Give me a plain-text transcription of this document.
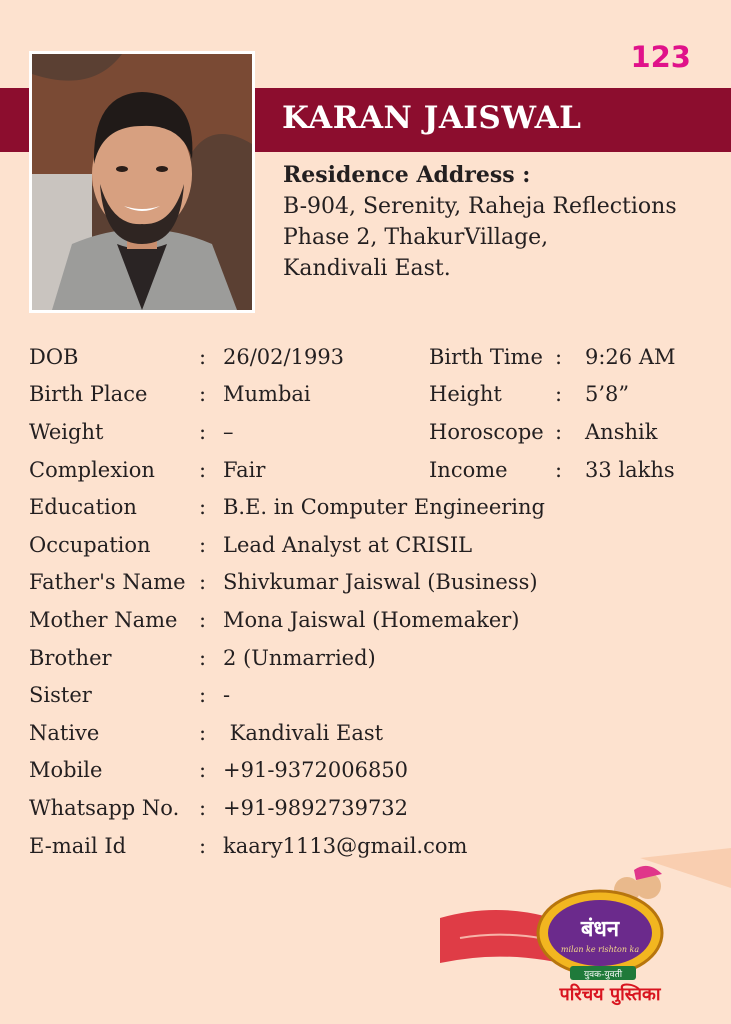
123
KARAN JAISWAL
Residence Address :
B-904, Serenity, Raheja Reflections
Phase 2, ThakurVillage,
Kandivali East.
DOB	:	26/02/1993	Birth Time	:	9:26 AM
Birth Place	:	Mumbai	Height	:	5’8”
Weight	:	–	Horoscope	:	Anshik
Complexion	:	Fair	Income	:	33 lakhs
Education	:	B.E. in Computer Engineering			
Occupation	:	Lead Analyst at CRISIL			
Father's Name	:	Shivkumar Jaiswal (Business)			
Mother Name	:	Mona Jaiswal (Homemaker)			
Brother	:	2 (Unmarried)			
Sister	:	-			
Native	:	Kandivali East			
Mobile	:	+91-9372006850			
Whatsapp No.	:	+91-9892739732			
E-mail Id	:	kaary1113@gmail.com			
बंधन
milan ke rishton ka
युवक-युवती
परिचय पुस्तिका
